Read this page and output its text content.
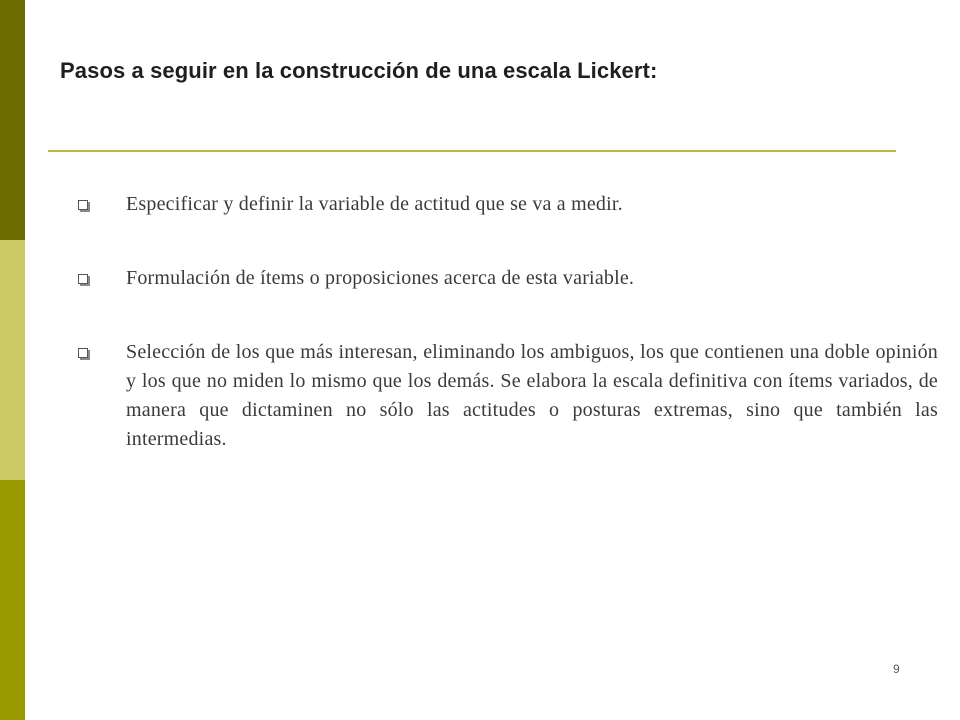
Pasos a seguir en la construcción de una escala Lickert:
Especificar y definir la variable de actitud que se va a medir.
Formulación de ítems o proposiciones acerca de esta variable.
Selección de los que más interesan, eliminando los ambiguos, los que contienen una doble opinión y los que no miden lo mismo que los demás. Se elabora la escala definitiva con ítems variados, de manera que dictaminen no sólo las actitudes o posturas extremas, sino que también las intermedias.
9
